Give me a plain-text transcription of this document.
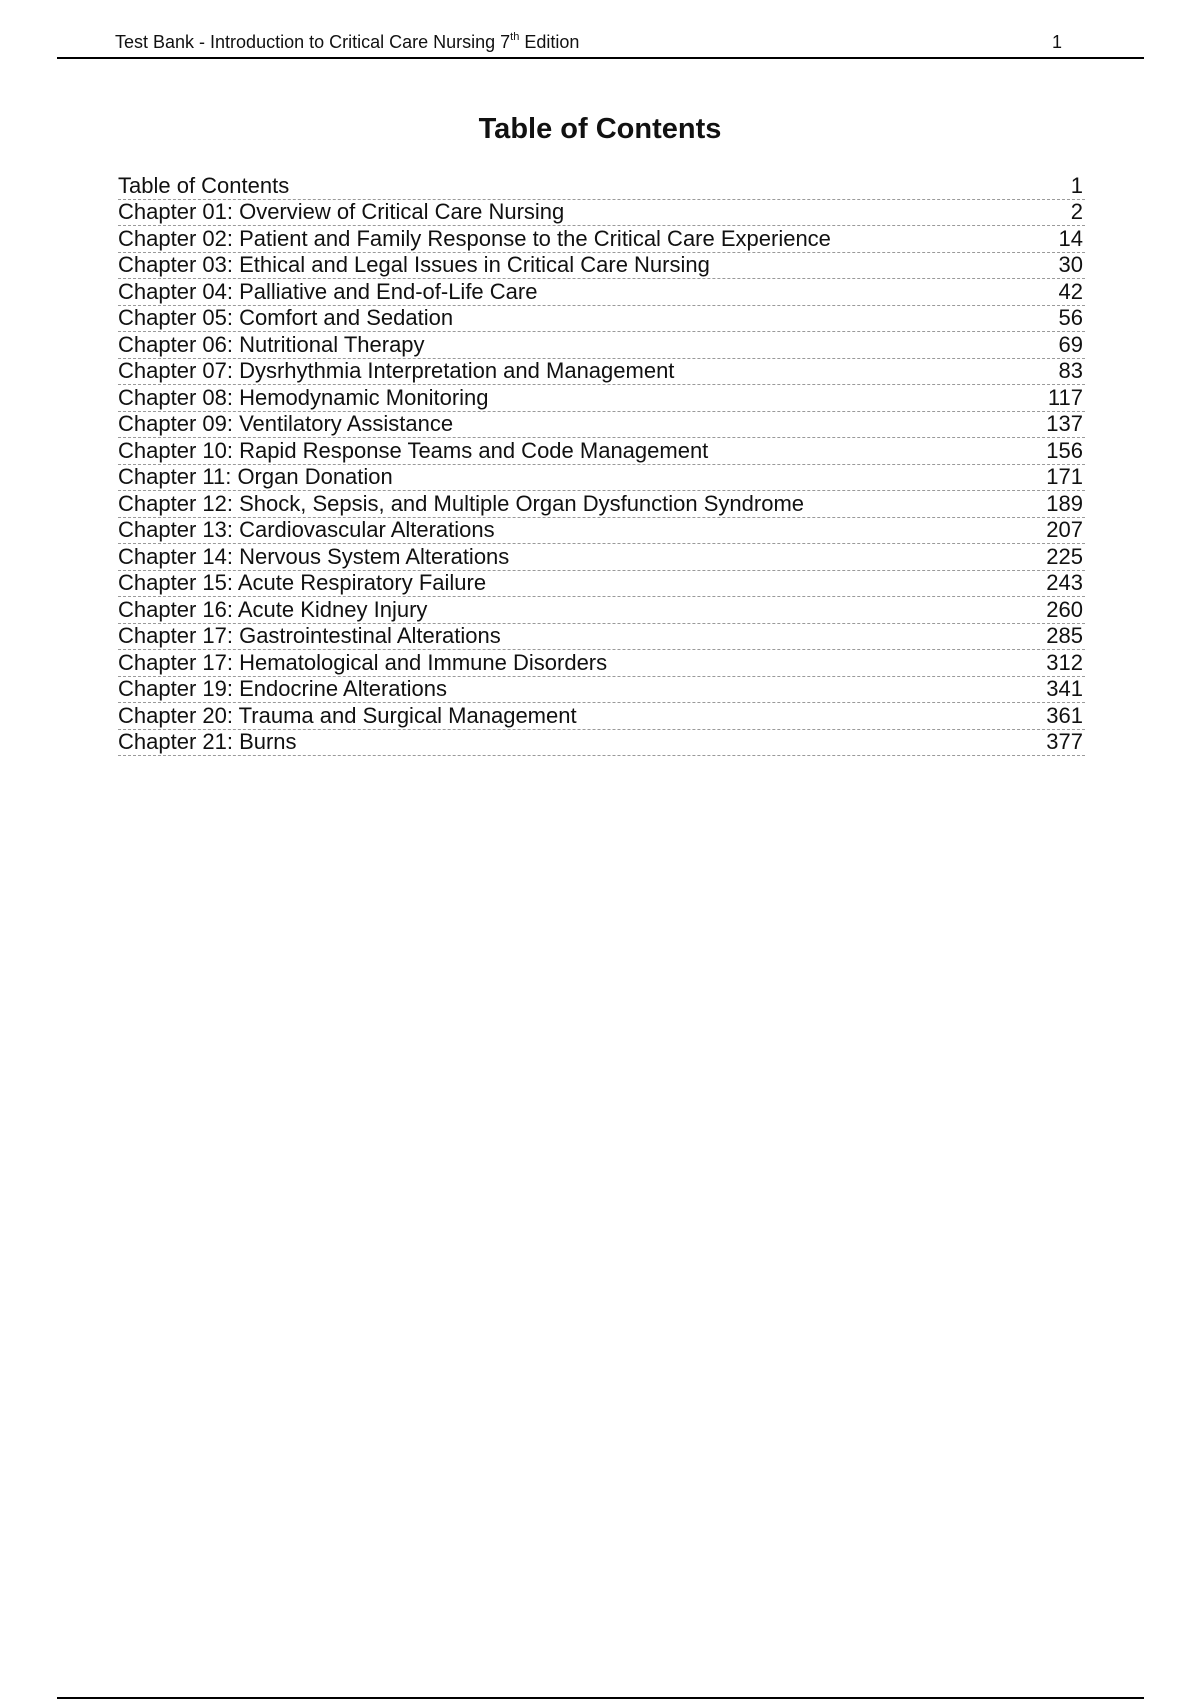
Test Bank - Introduction to Critical Care Nursing 7th Edition	1
Table of Contents
Table of Contents	1
Chapter 01: Overview of Critical Care Nursing	2
Chapter 02: Patient and Family Response to the Critical Care Experience	14
Chapter 03: Ethical and Legal Issues in Critical Care Nursing	30
Chapter 04: Palliative and End-of-Life Care	42
Chapter 05: Comfort and Sedation	56
Chapter 06: Nutritional Therapy	69
Chapter 07: Dysrhythmia Interpretation and Management	83
Chapter 08: Hemodynamic Monitoring	117
Chapter 09: Ventilatory Assistance	137
Chapter 10: Rapid Response Teams and Code Management	156
Chapter 11: Organ Donation	171
Chapter 12: Shock, Sepsis, and Multiple Organ Dysfunction Syndrome	189
Chapter 13: Cardiovascular Alterations	207
Chapter 14: Nervous System Alterations	225
Chapter 15: Acute Respiratory Failure	243
Chapter 16: Acute Kidney Injury	260
Chapter 17: Gastrointestinal Alterations	285
Chapter 17: Hematological and Immune Disorders	312
Chapter 19: Endocrine Alterations	341
Chapter 20: Trauma and Surgical Management	361
Chapter 21: Burns	377
